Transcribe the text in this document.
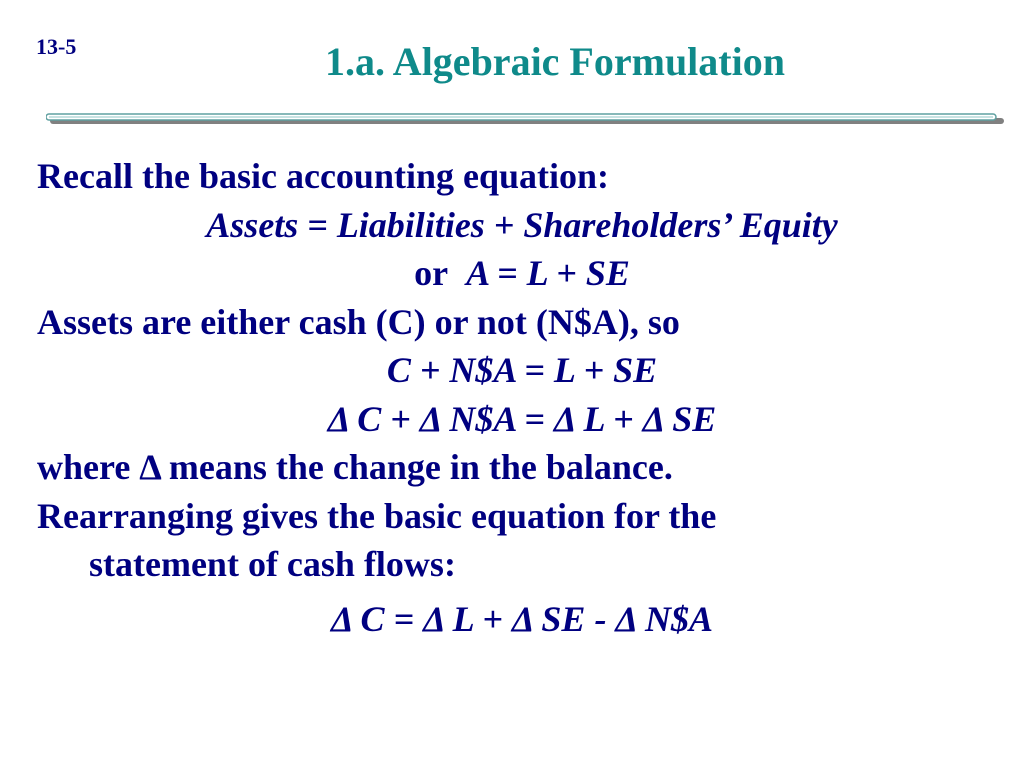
13-5	1.a. Algebraic Formulation
Recall the basic accounting equation:
Assets = Liabilities + Shareholders’ Equity
or A = L + SE
Assets are either cash (C) or not (N$A), so
C + N$A = L + SE
Δ C + Δ N$A = Δ L + Δ SE
where Δ means the change in the balance.
Rearranging gives the basic equation for the
statement of cash flows:
Δ C = Δ L + Δ SE - Δ N$A
